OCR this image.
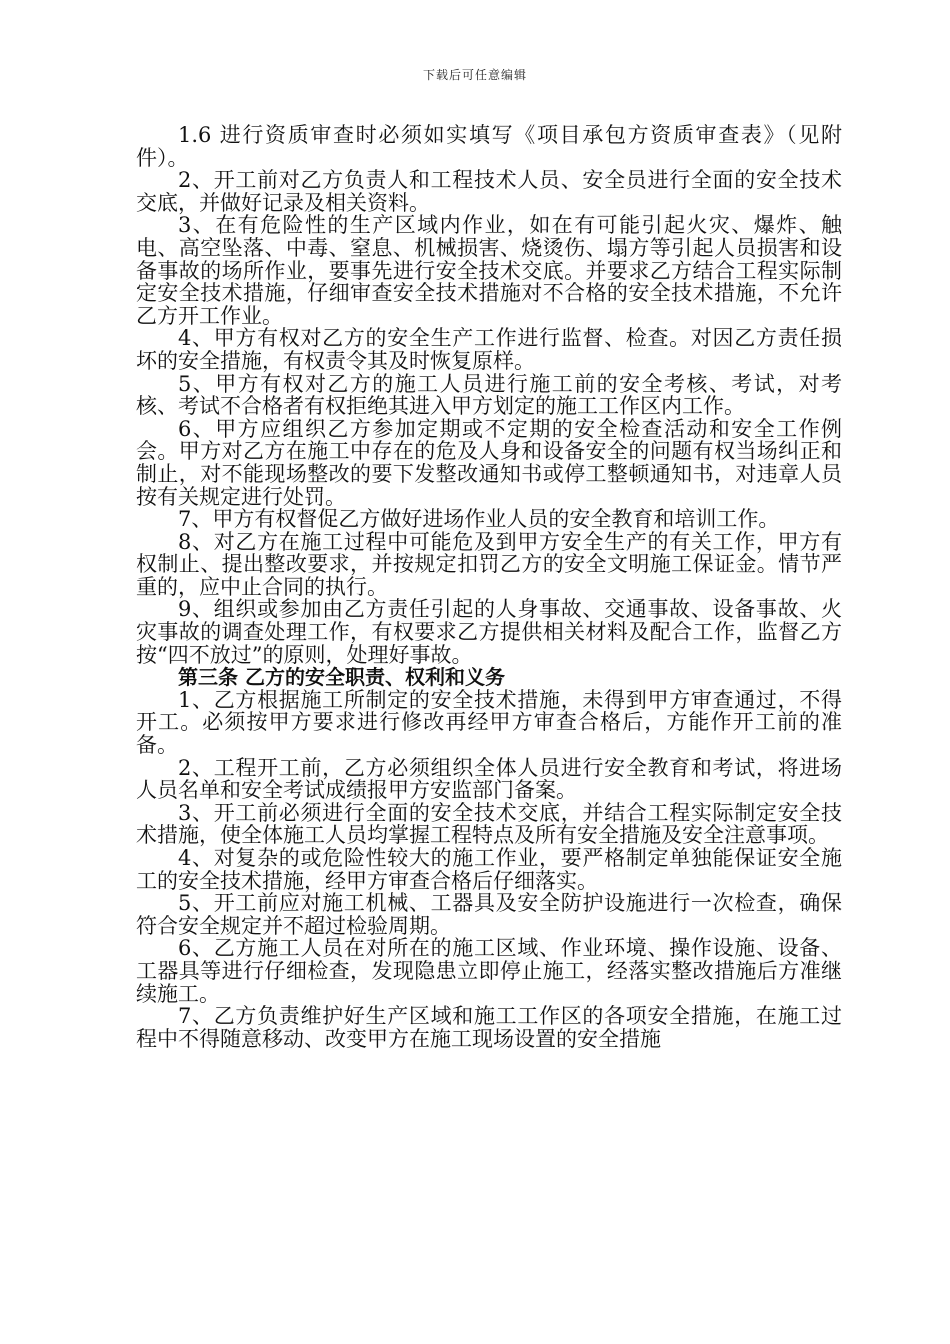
下载后可任意编辑

1.6 进行资质审查时必须如实填写《项目承包方资质审查表》（见附件）。

2、开工前对乙方负责人和工程技术人员、安全员进行全面的安全技术交底，并做好记录及相关资料。

3、在有危险性的生产区域内作业，如在有可能引起火灾、爆炸、触电、高空坠落、中毒、窒息、机械损害、烧烫伤、塌方等引起人员损害和设备事故的场所作业，要事先进行安全技术交底。并要求乙方结合工程实际制定安全技术措施，仔细审查安全技术措施对不合格的安全技术措施，不允许乙方开工作业。

4、甲方有权对乙方的安全生产工作进行监督、检查。对因乙方责任损坏的安全措施，有权责令其及时恢复原样。

5、甲方有权对乙方的施工人员进行施工前的安全考核、考试，对考核、考试不合格者有权拒绝其进入甲方划定的施工工作区内工作。

6、甲方应组织乙方参加定期或不定期的安全检查活动和安全工作例会。甲方对乙方在施工中存在的危及人身和设备安全的问题有权当场纠正和制止，对不能现场整改的要下发整改通知书或停工整顿通知书，对违章人员按有关规定进行处罚。

7、甲方有权督促乙方做好进场作业人员的安全教育和培训工作。

8、对乙方在施工过程中可能危及到甲方安全生产的有关工作，甲方有权制止、提出整改要求，并按规定扣罚乙方的安全文明施工保证金。情节严重的，应中止合同的执行。

9、组织或参加由乙方责任引起的人身事故、交通事故、设备事故、火灾事故的调查处理工作，有权要求乙方提供相关材料及配合工作，监督乙方按“四不放过”的原则，处理好事故。

第三条 乙方的安全职责、权利和义务

1、乙方根据施工所制定的安全技术措施，未得到甲方审查通过，不得开工。必须按甲方要求进行修改再经甲方审查合格后，方能作开工前的准备。

2、工程开工前，乙方必须组织全体人员进行安全教育和考试，将进场人员名单和安全考试成绩报甲方安监部门备案。

3、开工前必须进行全面的安全技术交底，并结合工程实际制定安全技术措施，使全体施工人员均掌握工程特点及所有安全措施及安全注意事项。

4、对复杂的或危险性较大的施工作业，要严格制定单独能保证安全施工的安全技术措施，经甲方审查合格后仔细落实。

5、开工前应对施工机械、工器具及安全防护设施进行一次检查，确保符合安全规定并不超过检验周期。

6、乙方施工人员在对所在的施工区域、作业环境、操作设施、设备、工器具等进行仔细检查，发现隐患立即停止施工，经落实整改措施后方准继续施工。

7、乙方负责维护好生产区域和施工工作区的各项安全措施，在施工过程中不得随意移动、改变甲方在施工现场设置的安全措施
